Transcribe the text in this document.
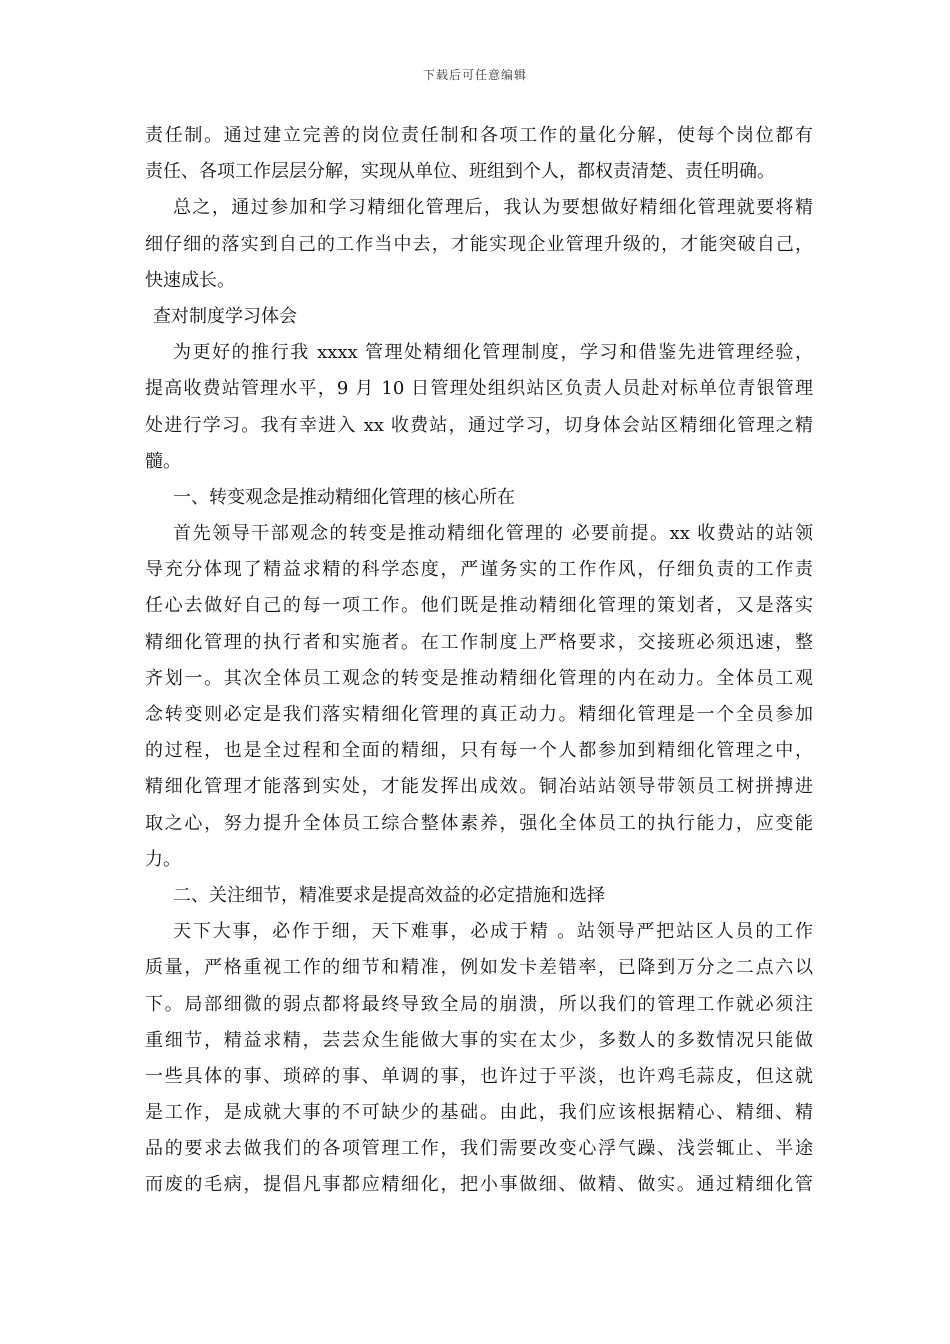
下载后可任意编辑
责任制。通过建立完善的岗位责任制和各项工作的量化分解，使每个岗位都有
责任、各项工作层层分解，实现从单位、班组到个人，都权责清楚、责任明确。
总之，通过参加和学习精细化管理后，我认为要想做好精细化管理就要将精
细仔细的落实到自己的工作当中去，才能实现企业管理升级的，才能突破自己，
快速成长。
查对制度学习体会
为更好的推行我 xxxx 管理处精细化管理制度，学习和借鉴先进管理经验，
提高收费站管理水平，9 月 10 日管理处组织站区负责人员赴对标单位青银管理
处进行学习。我有幸进入 xx 收费站，通过学习，切身体会站区精细化管理之精
髓。
一、转变观念是推动精细化管理的核心所在
首先领导干部观念的转变是推动精细化管理的 必要前提。xx 收费站的站领
导充分体现了精益求精的科学态度，严谨务实的工作作风，仔细负责的工作责
任心去做好自己的每一项工作。他们既是推动精细化管理的策划者，又是落实
精细化管理的执行者和实施者。在工作制度上严格要求，交接班必须迅速，整
齐划一。其次全体员工观念的转变是推动精细化管理的内在动力。全体员工观
念转变则必定是我们落实精细化管理的真正动力。精细化管理是一个全员参加
的过程，也是全过程和全面的精细，只有每一个人都参加到精细化管理之中，
精细化管理才能落到实处，才能发挥出成效。铜冶站站领导带领员工树拼搏进
取之心，努力提升全体员工综合整体素养，强化全体员工的执行能力，应变能
力。
二、关注细节，精准要求是提高效益的必定措施和选择
天下大事，必作于细，天下难事，必成于精 。站领导严把站区人员的工作
质量，严格重视工作的细节和精准，例如发卡差错率，已降到万分之二点六以
下。局部细微的弱点都将最终导致全局的崩溃，所以我们的管理工作就必须注
重细节，精益求精，芸芸众生能做大事的实在太少，多数人的多数情况只能做
一些具体的事、琐碎的事、单调的事，也许过于平淡，也许鸡毛蒜皮，但这就
是工作，是成就大事的不可缺少的基础。由此，我们应该根据精心、精细、精
品的要求去做我们的各项管理工作，我们需要改变心浮气躁、浅尝辄止、半途
而废的毛病，提倡凡事都应精细化，把小事做细、做精、做实。通过精细化管
